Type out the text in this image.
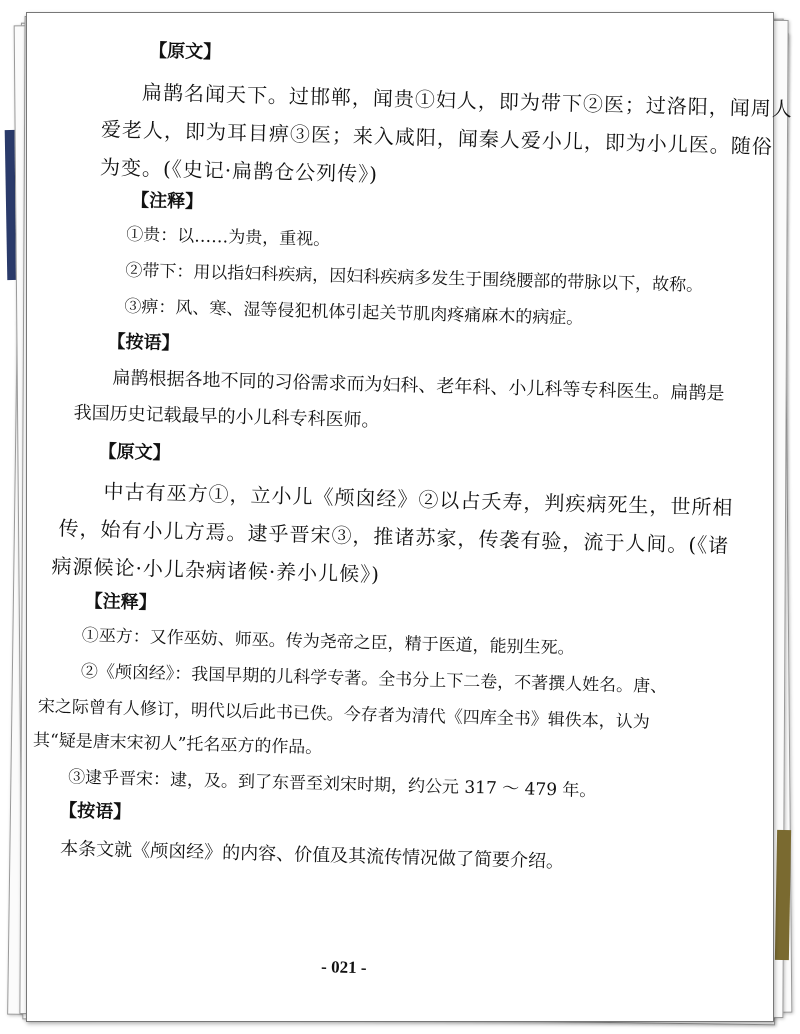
【原文】
扁鹊名闻天下。过邯郸，闻贵①妇人，即为带下②医；过洛阳，闻周人
爱老人，即为耳目痹③医；来入咸阳，闻秦人爱小儿，即为小儿医。随俗
为变。(《史记·扁鹊仓公列传》)
【注释】
①贵：以……为贵，重视。
②带下：用以指妇科疾病，因妇科疾病多发生于围绕腰部的带脉以下，故称。
③痹：风、寒、湿等侵犯机体引起关节肌肉疼痛麻木的病症。
【按语】
扁鹊根据各地不同的习俗需求而为妇科、老年科、小儿科等专科医生。扁鹊是
我国历史记载最早的小儿科专科医师。
【原文】
中古有巫方①，立小儿《颅囟经》②以占夭寿，判疾病死生，世所相
传，始有小儿方焉。逮乎晋宋③，推诸苏家，传袭有验，流于人间。(《诸
病源候论·小儿杂病诸候·养小儿候》)
【注释】
①巫方：又作巫妨、师巫。传为尧帝之臣，精于医道，能别生死。
②《颅囟经》：我国早期的儿科学专著。全书分上下二卷，不著撰人姓名。唐、
宋之际曾有人修订，明代以后此书已佚。今存者为清代《四库全书》辑佚本，认为
其“疑是唐末宋初人”托名巫方的作品。
③逮乎晋宋：逮，及。到了东晋至刘宋时期，约公元 317 ～ 479 年。
【按语】
本条文就《颅囟经》的内容、价值及其流传情况做了简要介绍。
- 021 -
